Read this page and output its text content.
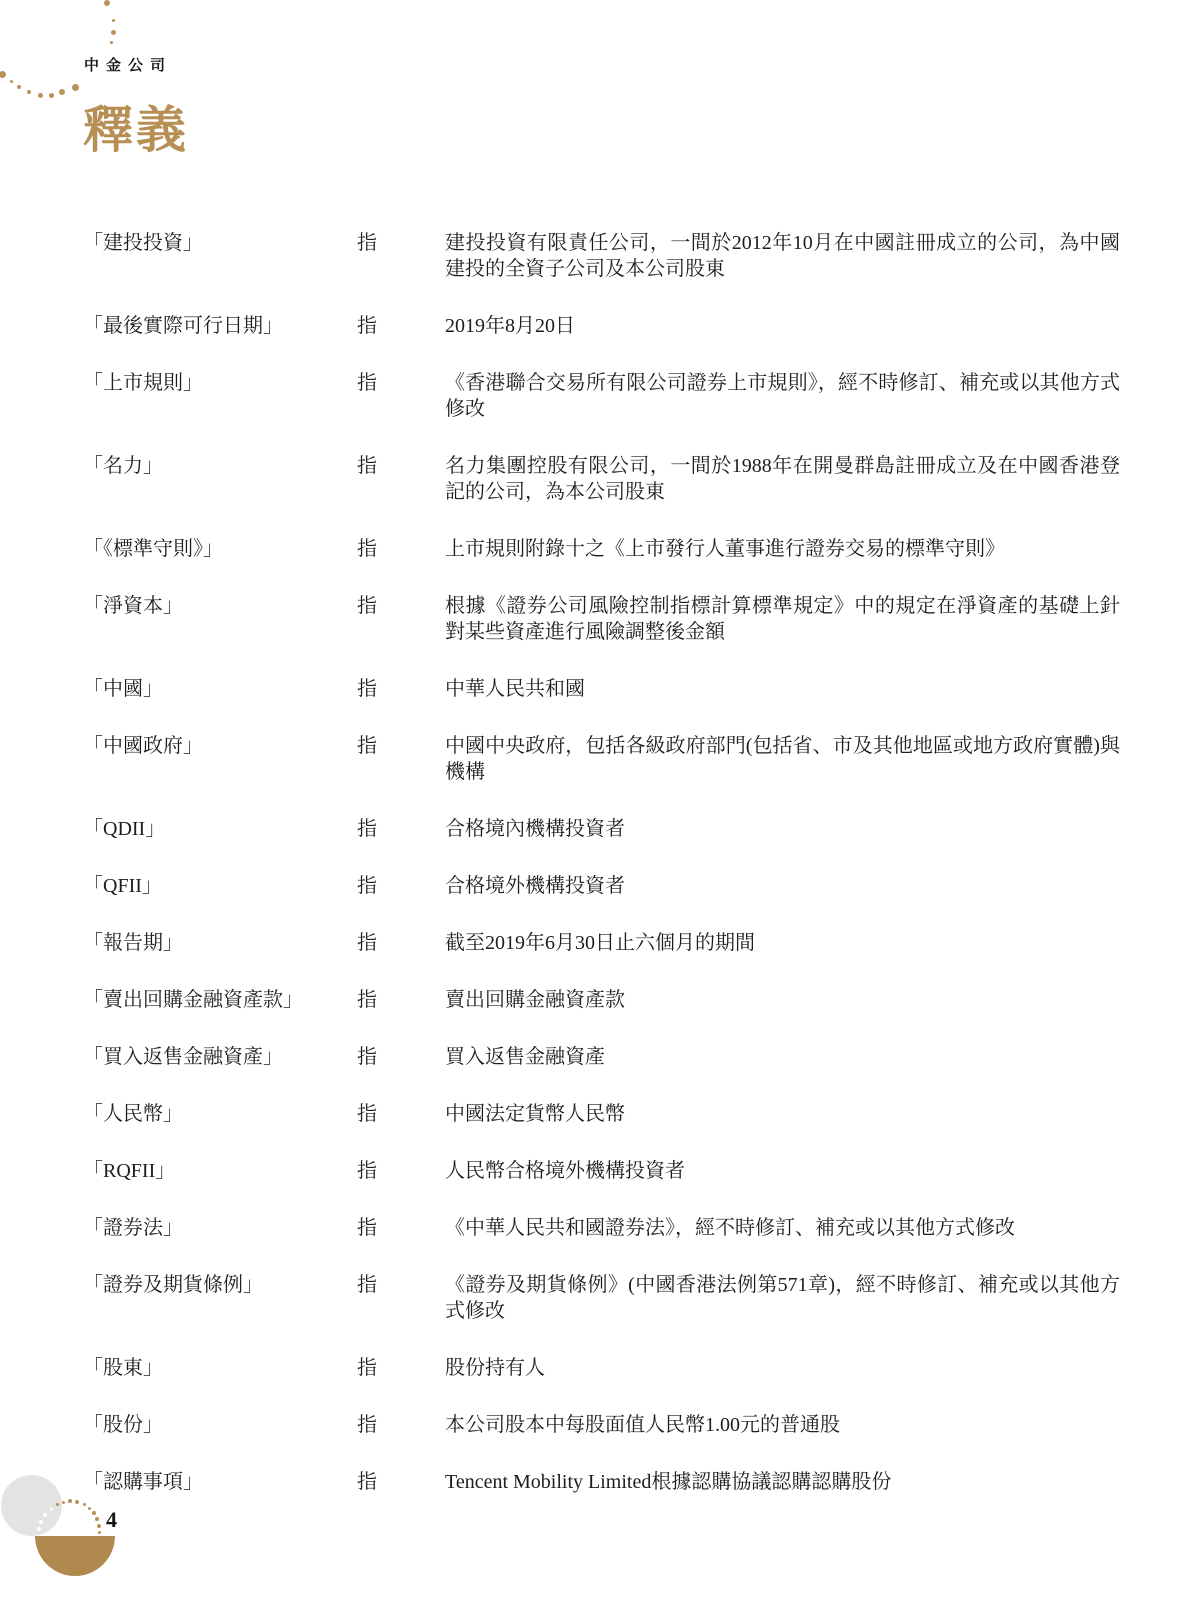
中金公司
釋義
「建投投資」	指	建投投資有限責任公司，一間於2012年10月在中國註冊成立的公司，為中國建投的全資子公司及本公司股東
「最後實際可行日期」	指	2019年8月20日
「上市規則」	指	《香港聯合交易所有限公司證券上市規則》，經不時修訂、補充或以其他方式修改
「名力」	指	名力集團控股有限公司，一間於1988年在開曼群島註冊成立及在中國香港登記的公司，為本公司股東
「《標準守則》」	指	上市規則附錄十之《上市發行人董事進行證券交易的標準守則》
「淨資本」	指	根據《證券公司風險控制指標計算標準規定》中的規定在淨資產的基礎上針對某些資產進行風險調整後金額
「中國」	指	中華人民共和國
「中國政府」	指	中國中央政府，包括各級政府部門(包括省、市及其他地區或地方政府實體)與機構
「QDII」	指	合格境內機構投資者
「QFII」	指	合格境外機構投資者
「報告期」	指	截至2019年6月30日止六個月的期間
「賣出回購金融資產款」	指	賣出回購金融資產款
「買入返售金融資產」	指	買入返售金融資產
「人民幣」	指	中國法定貨幣人民幣
「RQFII」	指	人民幣合格境外機構投資者
「證券法」	指	《中華人民共和國證券法》，經不時修訂、補充或以其他方式修改
「證券及期貨條例」	指	《證券及期貨條例》(中國香港法例第571章)，經不時修訂、補充或以其他方式修改
「股東」	指	股份持有人
「股份」	指	本公司股本中每股面值人民幣1.00元的普通股
「認購事項」	指	Tencent Mobility Limited根據認購協議認購認購股份
4
